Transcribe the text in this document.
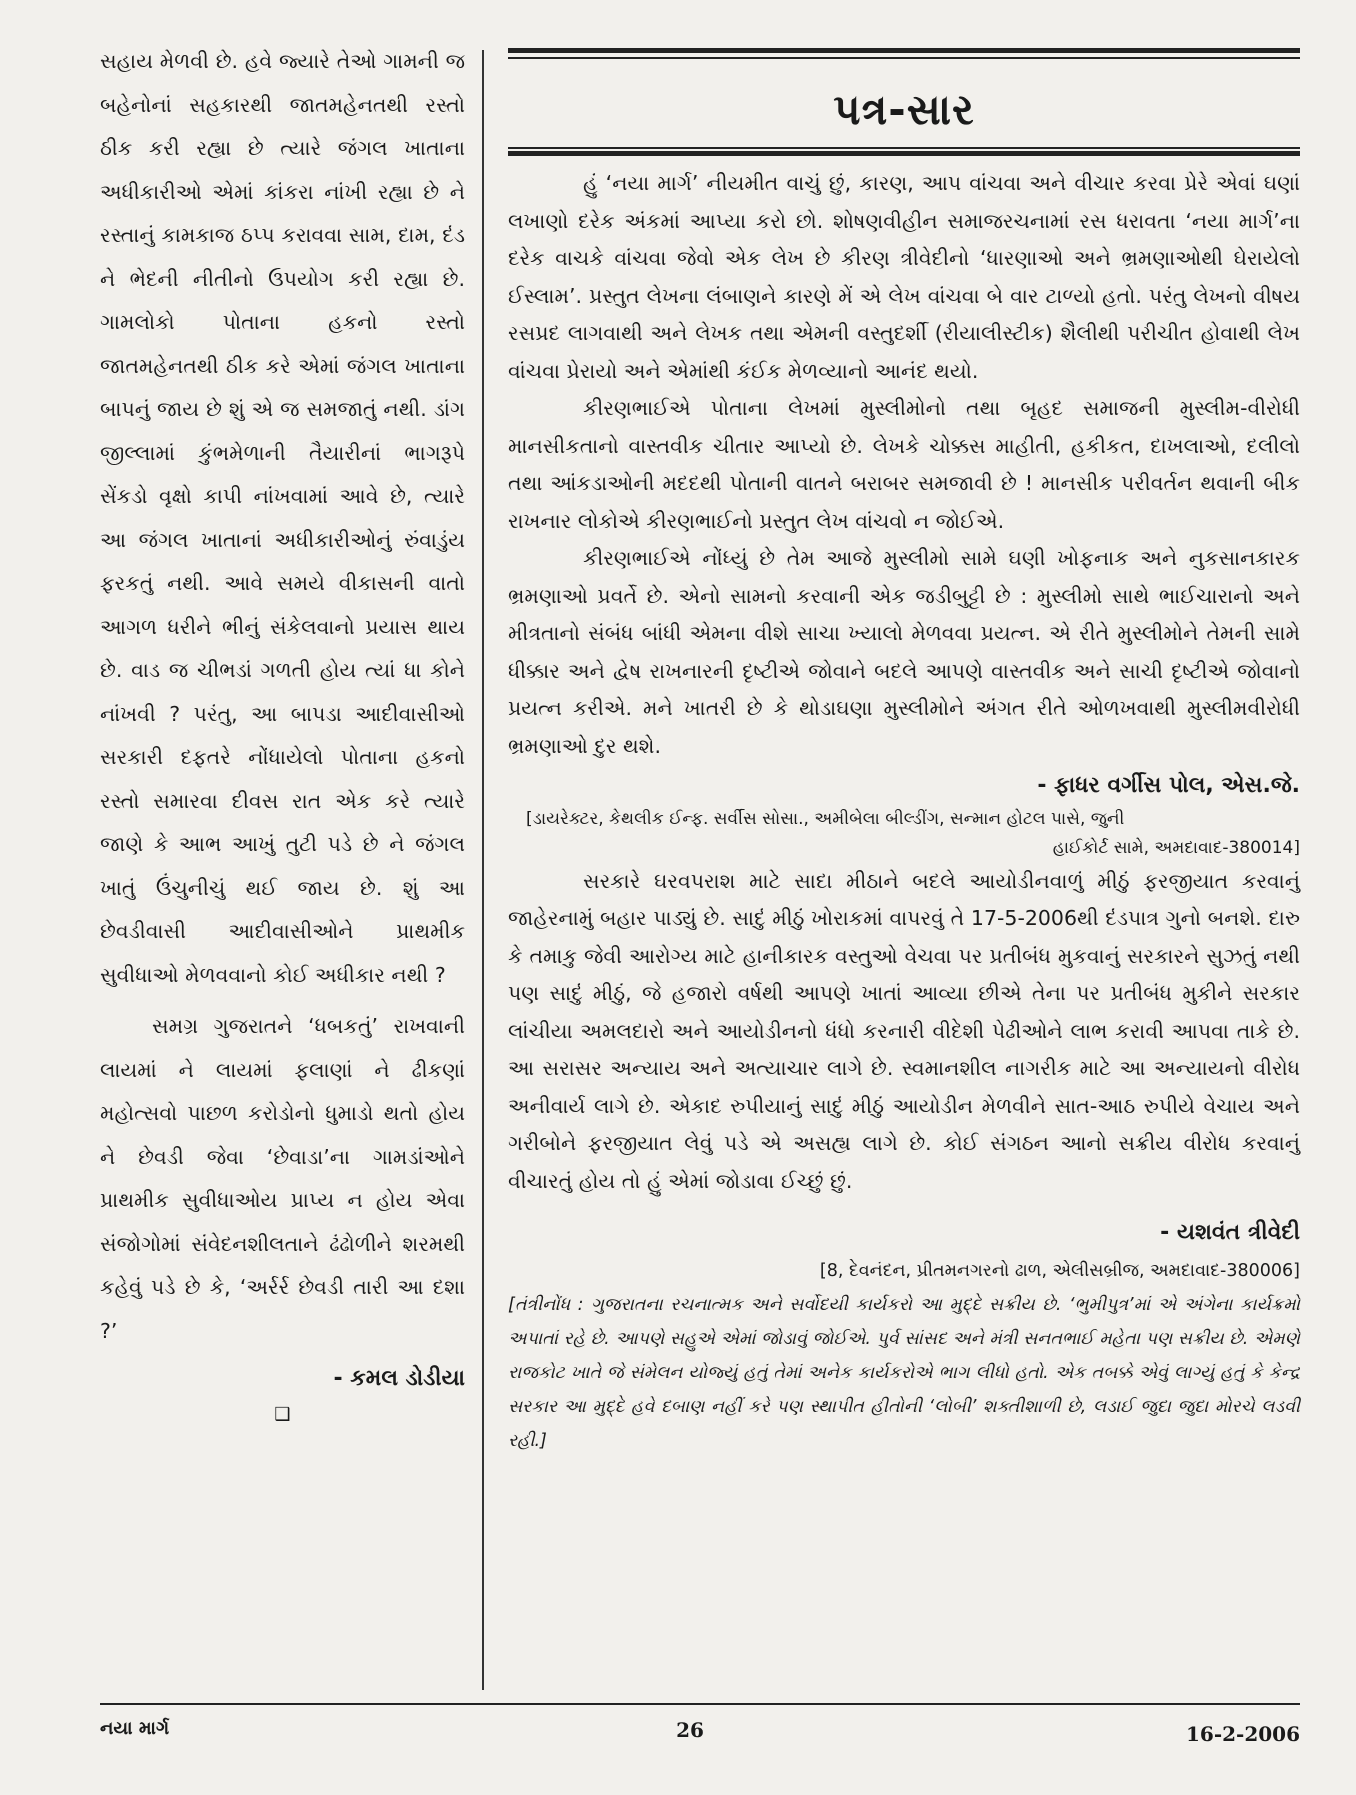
સહાય મેળવી છે. હવે જ્યારે તેઓ ગામની જ બહેનોનાં સહકારથી જાતમહેનતથી રસ્તો ઠીક કરી રહ્યા છે ત્યારે જંગલ ખાતાના અધીકારીઓ એમાં કાંકરા નાંખી રહ્યા છે ને રસ્તાનું કામકાજ ઠપ્પ કરાવવા સામ, દામ, દંડ ને ભેદની નીતીનો ઉપયોગ કરી રહ્યા છે. ગામલોકો પોતાના હકનો રસ્તો જાતમહેનતથી ઠીક કરે એમાં જંગલ ખાતાના બાપનું જાય છે શું એ જ સમજાતું નથી. ડાંગ જીલ્લામાં કુંભમેળાની તૈયારીનાં ભાગરૂપે સેંકડો વૃક્ષો કાપી નાંખવામાં આવે છે, ત્યારે આ જંગલ ખાતાનાં અધીકારીઓનું રુંવાડુંય ફરકતું નથી. આવે સમયે વીકાસની વાતો આગળ ધરીને ભીનું સંકેલવાનો પ્રયાસ થાય છે. વાડ જ ચીભડાં ગળતી હોય ત્યાં ધા કોને નાંખવી ? પરંતુ, આ બાપડા આદીવાસીઓ સરકારી દફતરે નોંધાયેલો પોતાના હકનો રસ્તો સમારવા દીવસ રાત એક કરે ત્યારે જાણે કે આભ આખું તુટી પડે છે ને જંગલ ખાતું ઉંચુનીચું થઈ જાય છે. શું આ છેવડીવાસી આદીવાસીઓને પ્રાથમીક સુવીધાઓ મેળવવાનો કોઈ અધીકાર નથી ?

સમગ્ર ગુજરાતને ‘ધબકતું’ રાખવાની લાયમાં ને લાયમાં ફલાણાં ને ઢીકણાં મહોત્સવો પાછળ કરોડોનો ધુમાડો થતો હોય ને છેવડી જેવા ‘છેવાડા’ના ગામડાંઓને પ્રાથમીક સુવીધાઓય પ્રાપ્ય ન હોય એવા સંજોગોમાં સંવેદનશીલતાને ઢંઢોળીને શરમથી કહેવું પડે છે કે, ‘અર્રર્ર છેવડી તારી આ દશા ?’

- કમલ ડોડીયા
❑
પત્ર-સાર

હું ‘નયા માર્ગ’ નીયમીત વાચું છું, કારણ, આપ વાંચવા અને વીચાર કરવા પ્રેરે એવાં ઘણાં લખાણો દરેક અંકમાં આપ્યા કરો છો. શોષણવીહીન સમાજરચનામાં રસ ધરાવતા ‘નયા માર્ગ’ના દરેક વાચકે વાંચવા જેવો એક લેખ છે કીરણ ત્રીવેદીનો ‘ધારણાઓ અને ભ્રમણાઓથી ઘેરાયેલો ઈસ્લામ’. પ્રસ્તુત લેખના લંબાણને કારણે મેં એ લેખ વાંચવા બે વાર ટાળ્યો હતો. પરંતુ લેખનો વીષય રસપ્રદ લાગવાથી અને લેખક તથા એમની વસ્તુદર્શી (રીયાલીસ્ટીક) શૈલીથી પરીચીત હોવાથી લેખ વાંચવા પ્રેરાયો અને એમાંથી કંઈક મેળવ્યાનો આનંદ થયો.

કીરણભાઈએ પોતાના લેખમાં મુસ્લીમોનો તથા બૃહદ સમાજની મુસ્લીમ-વીરોધી માનસીકતાનો વાસ્તવીક ચીતાર આપ્યો છે. લેખકે ચોક્કસ માહીતી, હકીકત, દાખલાઓ, દલીલો તથા આંકડાઓની મદદથી પોતાની વાતને બરાબર સમજાવી છે ! માનસીક પરીવર્તન થવાની બીક રાખનાર લોકોએ કીરણભાઈનો પ્રસ્તુત લેખ વાંચવો ન જોઈએ.

કીરણભાઈએ નોંધ્યું છે તેમ આજે મુસ્લીમો સામે ઘણી ખોફનાક અને નુકસાનકારક ભ્રમણાઓ પ્રવર્તે છે. એનો સામનો કરવાની એક જડીબુટ્ટી છે : મુસ્લીમો સાથે ભાઈચારાનો અને મીત્રતાનો સંબંધ બાંધી એમના વીશે સાચા ખ્યાલો મેળવવા પ્રયત્ન. એ રીતે મુસ્લીમોને તેમની સામે ધીક્કાર અને દ્વેષ રાખનારની દૃષ્ટીએ જોવાને બદલે આપણે વાસ્તવીક અને સાચી દૃષ્ટીએ જોવાનો પ્રયત્ન કરીએ. મને ખાતરી છે કે થોડાઘણા મુસ્લીમોને અંગત રીતે ઓળખવાથી મુસ્લીમવીરોધી ભ્રમણાઓ દુર થશે.

- ફાધર વર્ગીસ પોલ, એસ.જે.
[ડાયરેક્ટર, કેથલીક ઈન્ફ. સર્વીસ સોસા., અમીબેલા બીલ્ડીંગ, સન્માન હોટલ પાસે, જુની
હાઈકોર્ટ સામે, અમદાવાદ-380014]

સરકારે ઘરવપરાશ માટે સાદા મીઠાને બદલે આયોડીનવાળું મીઠું ફરજીયાત કરવાનું જાહેરનામું બહાર પાડ્યું છે. સાદું મીઠું ખોરાકમાં વાપરવું તે 17-5-2006થી દંડપાત્ર ગુનો બનશે. દારુ કે તમાકુ જેવી આરોગ્ય માટે હાનીકારક વસ્તુઓ વેચવા પર પ્રતીબંધ મુકવાનું સરકારને સુઝતું નથી પણ સાદું મીઠું, જે હજારો વર્ષથી આપણે ખાતાં આવ્યા છીએ તેના પર પ્રતીબંધ મુકીને સરકાર લાંચીયા અમલદારો અને આયોડીનનો ધંધો કરનારી વીદેશી પેઢીઓને લાભ કરાવી આપવા તાકે છે. આ સરાસર અન્યાય અને અત્યાચાર લાગે છે. સ્વમાનશીલ નાગરીક માટે આ અન્યાયનો વીરોધ અનીવાર્ય લાગે છે. એકાદ રુપીયાનું સાદું મીઠું આયોડીન મેળવીને સાત-આઠ રુપીયે વેચાય અને ગરીબોને ફરજીયાત લેવું પડે એ અસહ્ય લાગે છે. કોઈ સંગઠન આનો સક્રીય વીરોધ કરવાનું વીચારતું હોય તો હું એમાં જોડાવા ઈચ્છું છું.

- યશવંત ત્રીવેદી
[8, દેવનંદન, પ્રીતમનગરનો ઢાળ, એલીસબ્રીજ, અમદાવાદ-380006]
[તંત્રીનોંધ : ગુજરાતના રચનાત્મક અને સર્વોદયી કાર્યકરો આ મુદ્દે સક્રીય છે. ‘ભુમીપુત્ર’માં એ અંગેના કાર્યક્રમો અપાતાં રહે છે. આપણે સહુએ એમાં જોડાવું જોઈએ. પુર્વ સાંસદ અને મંત્રી સનતભાઈ મહેતા પણ સક્રીય છે. એમણે રાજકોટ ખાતે જે સંમેલન યોજ્યું હતું તેમાં અનેક કાર્યકરોએ ભાગ લીધો હતો. એક તબક્કે એવું લાગ્યું હતું કે કેન્દ્ર સરકાર આ મુદ્દે હવે દબાણ નહીં કરે પણ સ્થાપીત હીતોની ‘લોબી’ શક્તીશાળી છે, લડાઈ જુદા જુદા મોરચે લડવી રહી.]
નયા માર્ગ	26	16-2-2006
